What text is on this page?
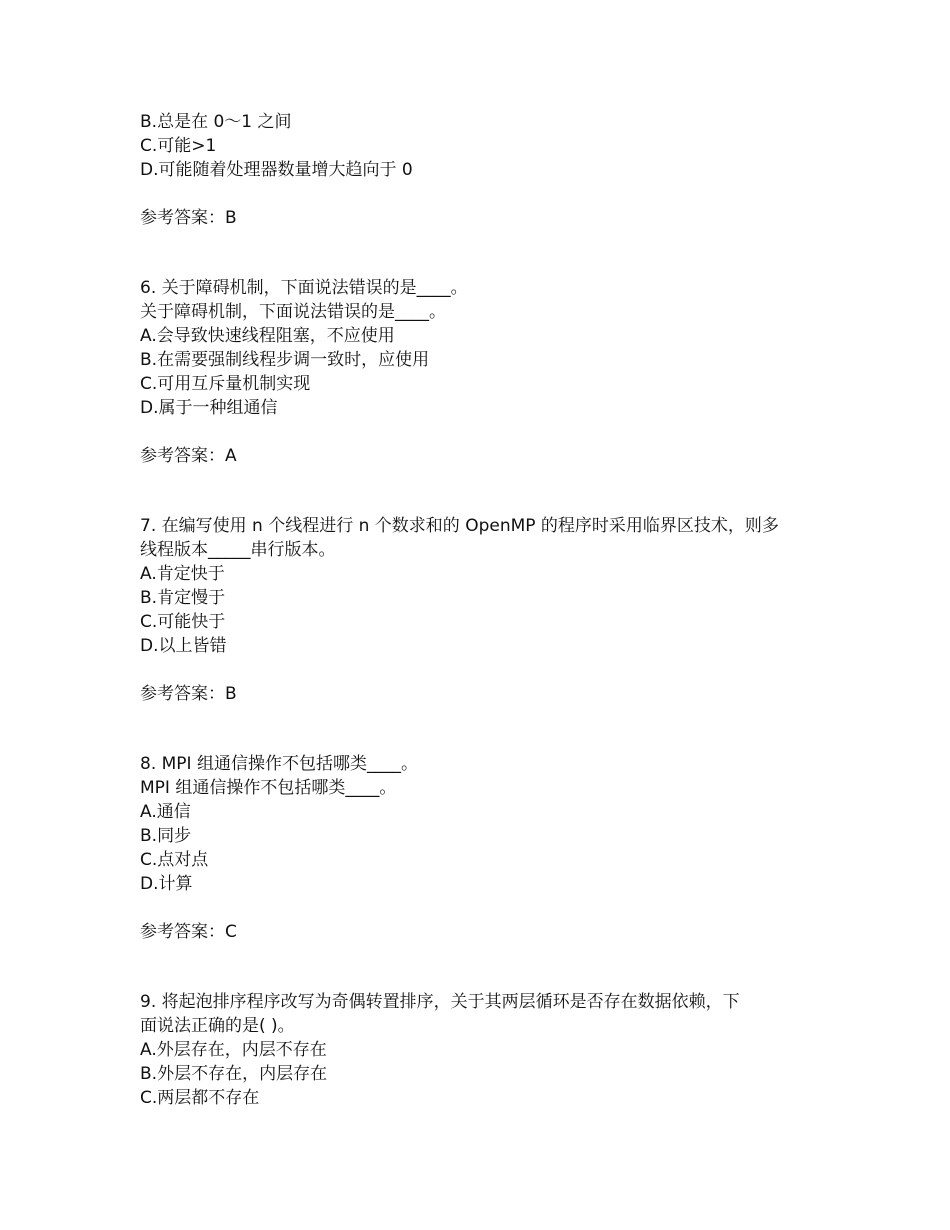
B.总是在 0～1 之间
C.可能>1
D.可能随着处理器数量增大趋向于 0
参考答案：B
6. 关于障碍机制，下面说法错误的是____。
关于障碍机制，下面说法错误的是____。
A.会导致快速线程阻塞，不应使用
B.在需要强制线程步调一致时，应使用
C.可用互斥量机制实现
D.属于一种组通信
参考答案：A
7. 在编写使用 n 个线程进行 n 个数求和的 OpenMP 的程序时采用临界区技术，则多
线程版本_____串行版本。
A.肯定快于
B.肯定慢于
C.可能快于
D.以上皆错
参考答案：B
8. MPI 组通信操作不包括哪类____。
MPI 组通信操作不包括哪类____。
A.通信
B.同步
C.点对点
D.计算
参考答案：C
9. 将起泡排序程序改写为奇偶转置排序，关于其两层循环是否存在数据依赖，下
面说法正确的是( )。
A.外层存在，内层不存在
B.外层不存在，内层存在
C.两层都不存在
